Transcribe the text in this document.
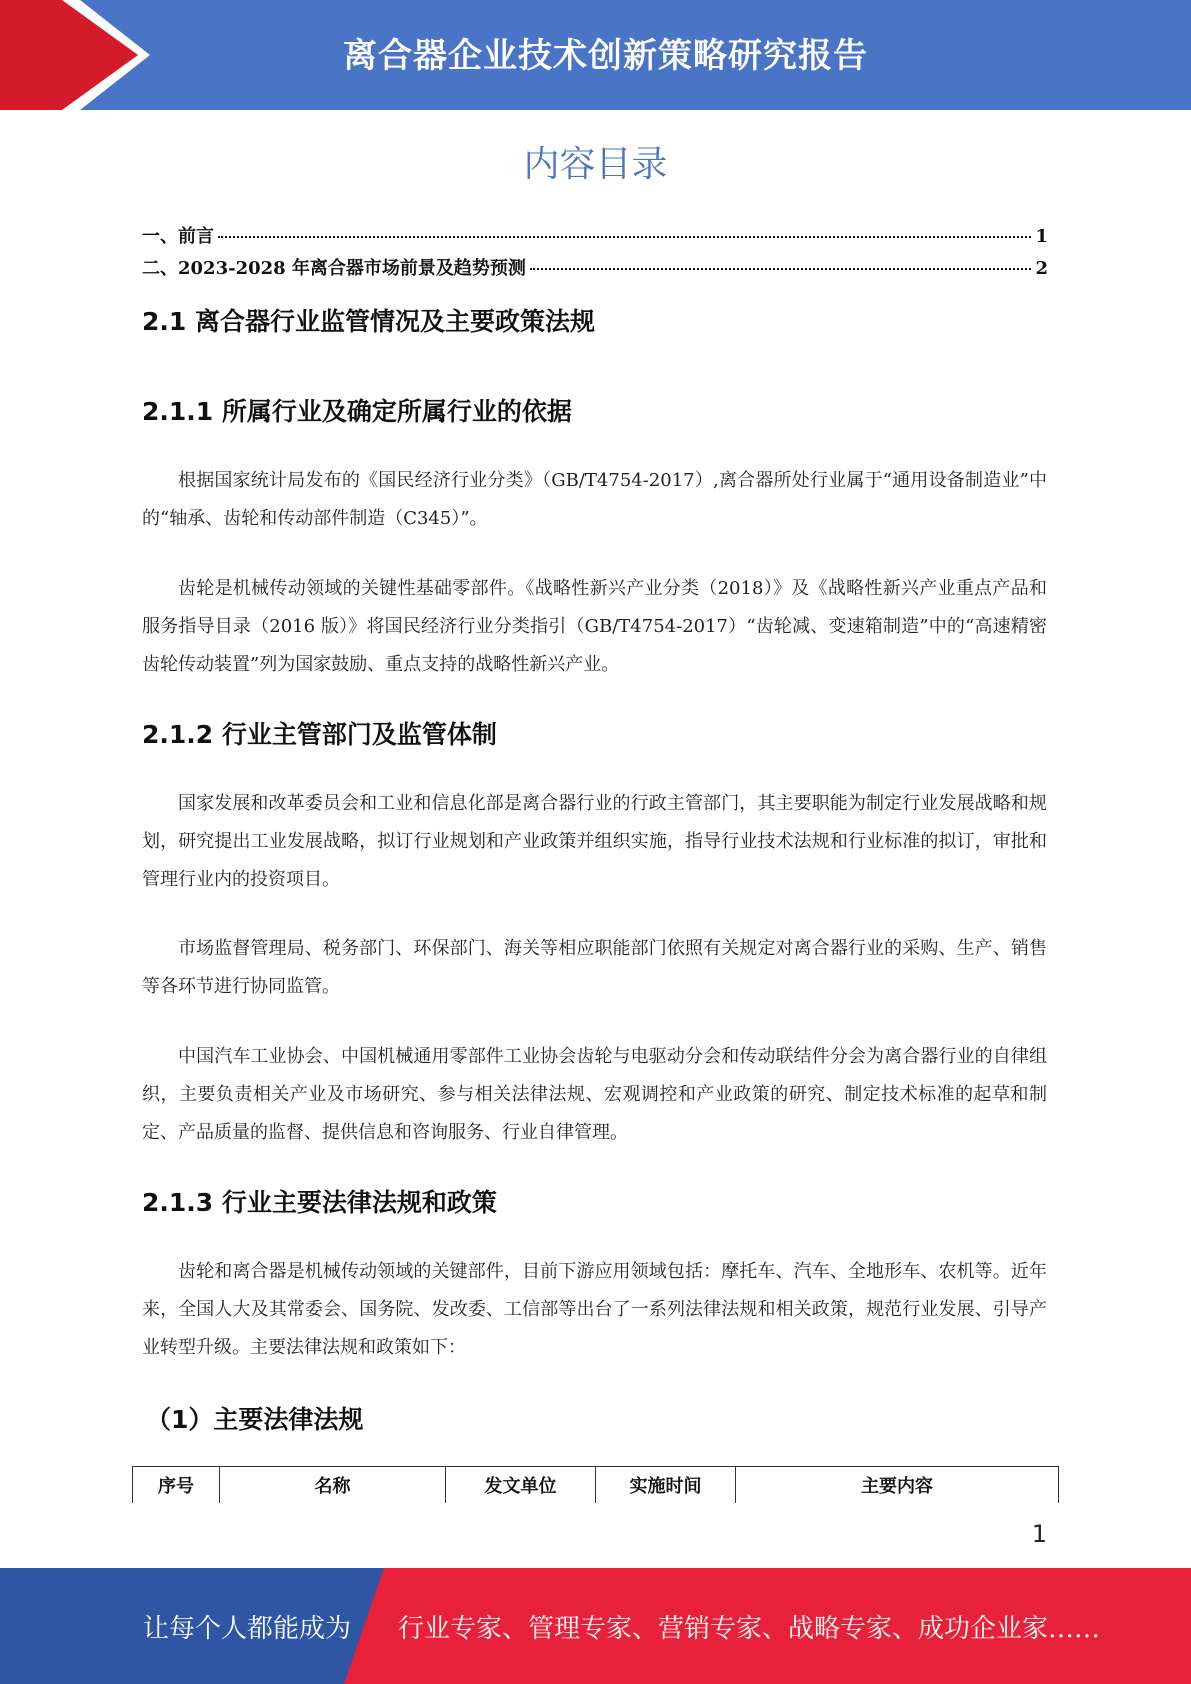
离合器企业技术创新策略研究报告
内容目录
一、前言	1
二、2023-2028 年离合器市场前景及趋势预测	2
2.1 离合器行业监管情况及主要政策法规
2.1.1 所属行业及确定所属行业的依据

根据国家统计局发布的《国民经济行业分类》（GB/T4754-2017）,离合器所处行业属于“通用设备制造业”中的“轴承、齿轮和传动部件制造（C345）”。

齿轮是机械传动领域的关键性基础零部件。《战略性新兴产业分类（2018）》及《战略性新兴产业重点产品和服务指导目录（2016 版）》将国民经济行业分类指引（GB/T4754-2017）“齿轮减、变速箱制造”中的“高速精密齿轮传动装置”列为国家鼓励、重点支持的战略性新兴产业。

2.1.2 行业主管部门及监管体制

国家发展和改革委员会和工业和信息化部是离合器行业的行政主管部门，其主要职能为制定行业发展战略和规划，研究提出工业发展战略，拟订行业规划和产业政策并组织实施，指导行业技术法规和行业标准的拟订，审批和管理行业内的投资项目。

市场监督管理局、税务部门、环保部门、海关等相应职能部门依照有关规定对离合器行业的采购、生产、销售等各环节进行协同监管。

中国汽车工业协会、中国机械通用零部件工业协会齿轮与电驱动分会和传动联结件分会为离合器行业的自律组织，主要负责相关产业及市场研究、参与相关法律法规、宏观调控和产业政策的研究、制定技术标准的起草和制定、产品质量的监督、提供信息和咨询服务、行业自律管理。

2.1.3 行业主要法律法规和政策

齿轮和离合器是机械传动领域的关键部件，目前下游应用领域包括：摩托车、汽车、全地形车、农机等。近年来，全国人大及其常委会、国务院、发改委、工信部等出台了一系列法律法规和相关政策，规范行业发展、引导产业转型升级。主要法律法规和政策如下：

（1）主要法律法规
序号	名称	发文单位	实施时间	主要内容
1
让每个人都能成为 行业专家、管理专家、营销专家、战略专家、成功企业家……
